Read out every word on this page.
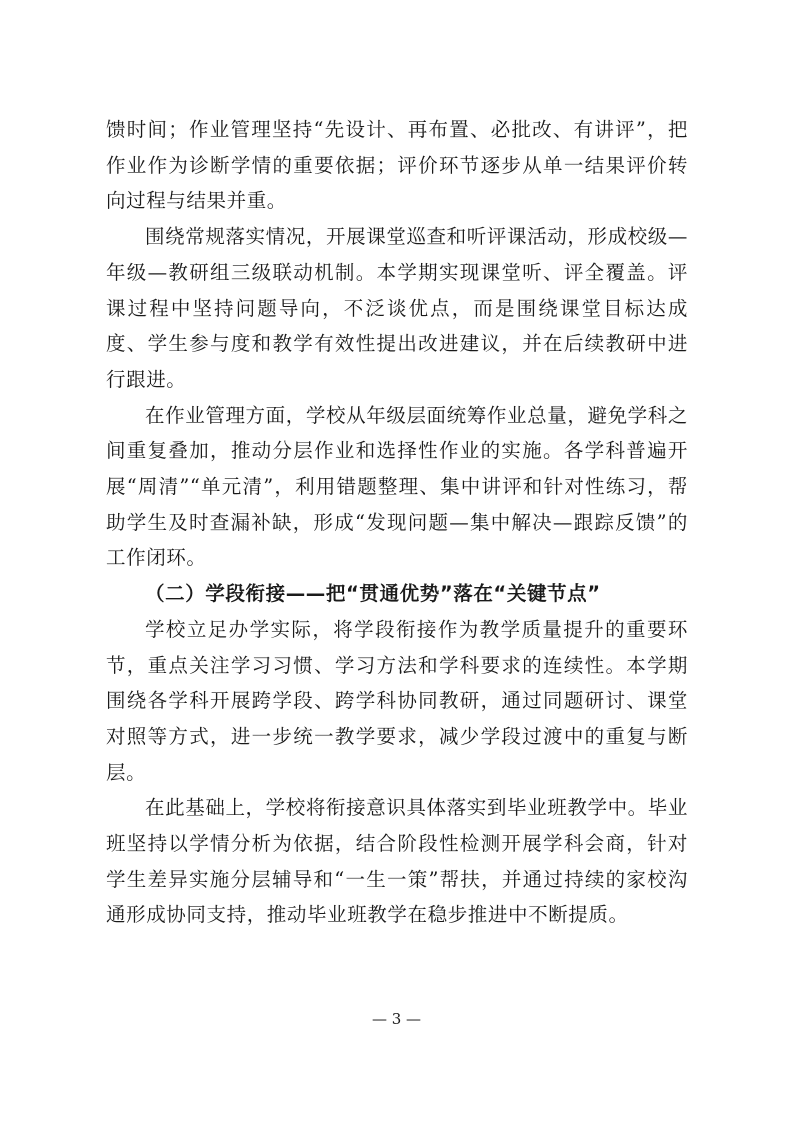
馈时间；作业管理坚持“先设计、再布置、必批改、有讲评”，把作业作为诊断学情的重要依据；评价环节逐步从单一结果评价转向过程与结果并重。

围绕常规落实情况，开展课堂巡查和听评课活动，形成校级—年级—教研组三级联动机制。本学期实现课堂听、评全覆盖。评课过程中坚持问题导向，不泛谈优点，而是围绕课堂目标达成度、学生参与度和教学有效性提出改进建议，并在后续教研中进行跟进。

在作业管理方面，学校从年级层面统筹作业总量，避免学科之间重复叠加，推动分层作业和选择性作业的实施。各学科普遍开展“周清”“单元清”，利用错题整理、集中讲评和针对性练习，帮助学生及时查漏补缺，形成“发现问题—集中解决—跟踪反馈”的工作闭环。

（二）学段衔接——把“贯通优势”落在“关键节点”

学校立足办学实际，将学段衔接作为教学质量提升的重要环节，重点关注学习习惯、学习方法和学科要求的连续性。本学期围绕各学科开展跨学段、跨学科协同教研，通过同题研讨、课堂对照等方式，进一步统一教学要求，减少学段过渡中的重复与断层。

在此基础上，学校将衔接意识具体落实到毕业班教学中。毕业班坚持以学情分析为依据，结合阶段性检测开展学科会商，针对学生差异实施分层辅导和“一生一策”帮扶，并通过持续的家校沟通形成协同支持，推动毕业班教学在稳步推进中不断提质。

— 3 —
